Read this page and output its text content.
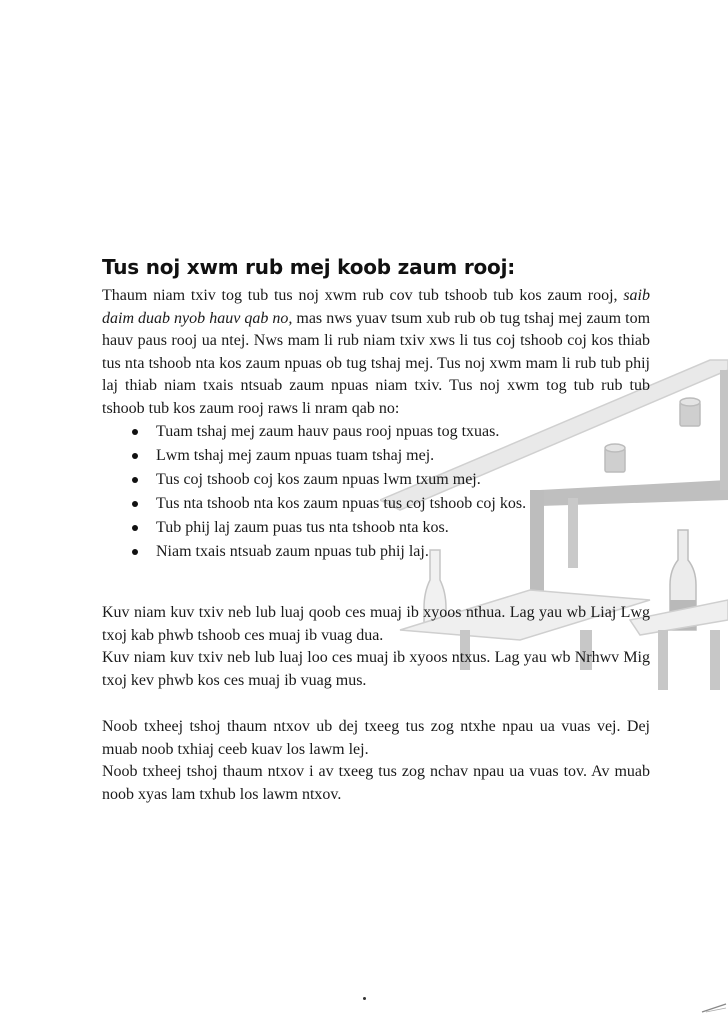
Tus noj xwm rub mej koob zaum rooj:

Thaum niam txiv tog tub tus noj xwm rub cov tub tshoob tub kos zaum rooj, saib daim duab nyob hauv qab no, mas nws yuav tsum xub rub ob tug tshaj mej zaum tom hauv paus rooj ua ntej. Nws mam li rub niam txiv xws li tus coj tshoob coj kos thiab tus nta tshoob nta kos zaum npuas ob tug tshaj mej. Tus noj xwm mam li rub tub phij laj thiab niam txais ntsuab zaum npuas niam txiv. Tus noj xwm tog tub rub tub tshoob tub kos zaum rooj raws li nram qab no:

Tuam tshaj mej zaum hauv paus rooj npuas tog txuas.
Lwm tshaj mej zaum npuas tuam tshaj mej.
Tus coj tshoob coj kos zaum npuas lwm txum mej.
Tus nta tshoob nta kos zaum npuas tus coj tshoob coj kos.
Tub phij laj zaum puas tus nta tshoob nta kos.
Niam txais ntsuab zaum npuas tub phij laj.

Kuv niam kuv txiv neb lub luaj qoob ces muaj ib xyoos nthua. Lag yau wb Liaj Lwg txoj kab phwb tshoob ces muaj ib vuag dua.

Kuv niam kuv txiv neb lub luaj loo ces muaj ib xyoos ntxus. Lag yau wb Nrhwv Mig txoj kev phwb kos ces muaj ib vuag mus.

Noob txheej tshoj thaum ntxov ub dej txeeg tus zog ntxhe npau ua vuas vej. Dej muab noob txhiaj ceeb kuav los lawm lej.

Noob txheej tshoj thaum ntxov i av txeeg tus zog nchav npau ua vuas tov. Av muab noob xyas lam txhub los lawm ntxov.
